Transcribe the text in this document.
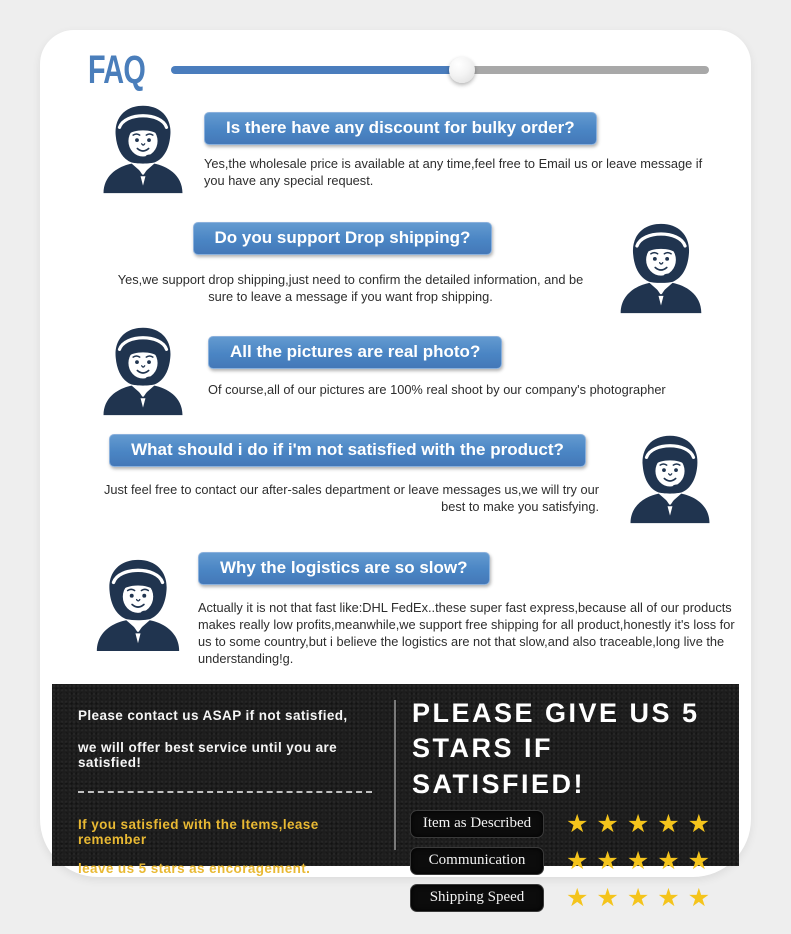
FAQ
Is there have any discount for bulky order?
Yes,the wholesale price is available at any time,feel free to Email us or leave message if you have any special request.
Do you support Drop shipping?
Yes,we support drop shipping,just need to confirm the detailed information, and be sure to leave a message if you want frop shipping.
All the pictures are real photo?
Of course,all of our pictures are 100% real shoot by our company's photographer
What should i do if i'm not satisfied with the product?
Just feel free to contact our after-sales department or leave messages us,we will try our best to make you satisfying.
Why the logistics are so slow?
Actually it is not that fast like:DHL FedEx..these super fast express,because all of our products makes really low profits,meanwhile,we support free shipping for all product,honestly it's loss for us to some country,but i believe the logistics are not that slow,and also traceable,long live the understanding!g.

Please contact us ASAP if not satisfied,

we will offer best service until you are satisfied!

If you satisfied with the Items,lease remember

leave us 5 stars as encoragement.

PLEASE GIVE US 5
STARS IF SATISFIED!
Item as Described	★★★★★
Communication	★★★★★
Shipping Speed	★★★★★
